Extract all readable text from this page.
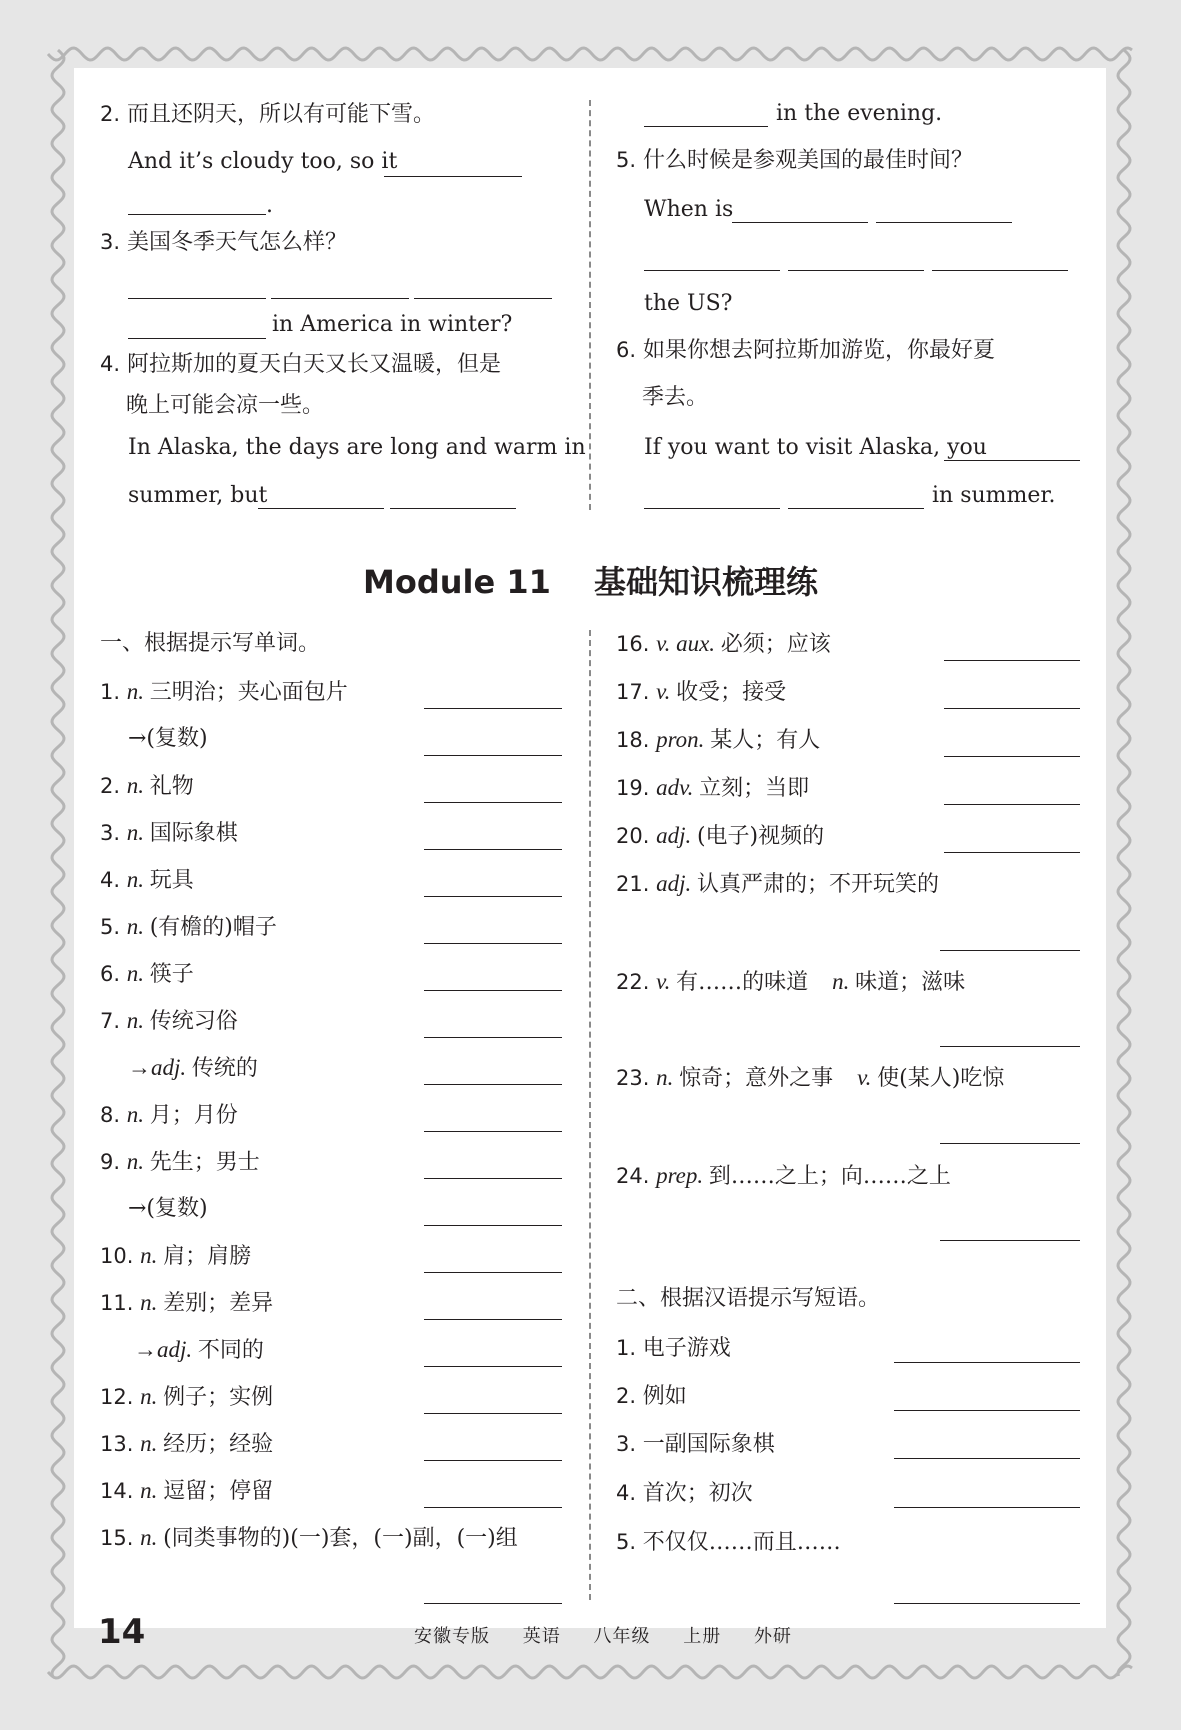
2. 而且还阴天，所以有可能下雪。
And it’s cloudy too, so it
.
3. 美国冬季天气怎么样？
in America in winter?
4. 阿拉斯加的夏天白天又长又温暖，但是
晚上可能会凉一些。
In Alaska, the days are long and warm in
summer, but
in the evening.
5. 什么时候是参观美国的最佳时间？
When is
the US?
6. 如果你想去阿拉斯加游览，你最好夏
季去。
If you want to visit Alaska, you
in summer.
Module 11 基础知识梳理练
一、根据提示写单词。
1. n. 三明治；夹心面包片
→(复数)
2. n. 礼物
3. n. 国际象棋
4. n. 玩具
5. n. (有檐的)帽子
6. n. 筷子
7. n. 传统习俗
→adj. 传统的
8. n. 月；月份
9. n. 先生；男士
→(复数)
10. n. 肩；肩膀
11. n. 差别；差异
→adj. 不同的
12. n. 例子；实例
13. n. 经历；经验
14. n. 逗留；停留
15. n. (同类事物的)(一)套，(一)副，(一)组
16. v. aux. 必须；应该
17. v. 收受；接受
18. pron. 某人；有人
19. adv. 立刻；当即
20. adj. (电子)视频的
21. adj. 认真严肃的；不开玩笑的
22. v. 有……的味道 n. 味道；滋味
23. n. 惊奇；意外之事 v. 使(某人)吃惊
24. prep. 到……之上；向……之上
二、根据汉语提示写短语。
1. 电子游戏
2. 例如
3. 一副国际象棋
4. 首次；初次
5. 不仅仅……而且……
14	安徽专版 英语 八年级 上册 外研
